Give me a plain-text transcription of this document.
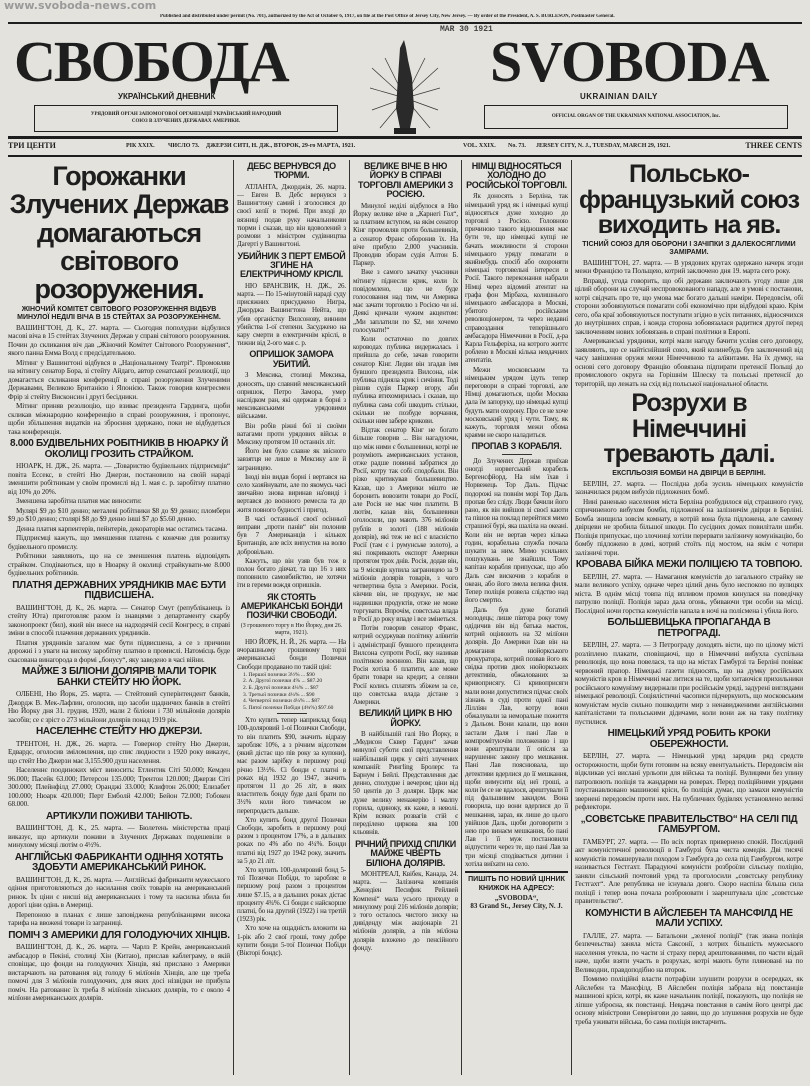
www.svoboda-news.com
Published and distributed under permit (No. 701), authorized by the Act of October 6, 1917, on file at the Post Office of Jersey City, New Jersey. — By order of the President, A. S. BURLESON, Postmaster General.
MAR 30 1921
СВОБОДА	SVOBODA
УКРАЇНСЬКИЙ ДНЕВНИК	UKRAINIAN DAILY
УРЯДОВИЙ ОРГАН ЗАПОМОГОВОЇ ОРГАНІЗАЦІЇ УКРАЇНСЬКИЙ НАРОДНИЙ
СОЮЗ В ЗЛУЧЕНИХ ДЕРЖАВАХ АМЕРИКИ.
OFFICIAL ORGAN OF THE UKRAINIAN NATIONAL ASSOCIATION, Inc.
ТРИ ЦЕНТИ	РІК XXIX. ЧИСЛО 73. ДЖЕРЗИ СИТІ, Н. ДЖ., ВТОРОК, 29-го МАРТА, 1921.	VOL. XXIX. No. 73. JERSEY CITY, N. J., TUESDAY, MARCH 29, 1921.	THREE CENTS
Горожанки Злучених Держав домагаються світового розоружения.
ЖІНОЧИЙ КОМІТЕТ СВІТОВОГО РОЗОРУЖЕННЯ ВІДБУВ МИНУЛОЇ НЕДІЛІ ВІЧА В 15 СТЕЙТАХ ЗА РОЗОРУЖЕННЄМ.

ВАШИНГТОН, Д. К., 27. марта. — Сьогодня пополудни відбулися масові віча в 15 стейтах Злучених Держав у справі світового розоружения. Почин до скликання віч дав „Жіночий Комітет Світового Розоружения“, якого панна Емма Волд є предсідателькою.

Мітинг у Вашингтоні відбувся в „Національному Театрі“. Промовляв на мітингу сенатор Бора, зі стейту Айдаго, автор сенатської резолюції, що домагається скликання конференції в справі розоруження Злученими Державами, Великою Британією і Японією. Також говорив конгресмен Фрір зі стейту Висконсин і другі бесідники.

Мітинг приняв резолюцію, що взиває президента Гардинга, щоби скликав міжнародню конференцію в справі розоружения, і пропонує, щоби збільшення видатків на зброєння здержано, поки не відбудеться така конференція.

8.000 БУДІВЕЛЬНИХ РОБІТНИКІВ В НЮАРКУ Й ОКОЛИЦІ ГРОЗИТЬ СТРАЙКОМ.

НЮАРК, Н. ДЖ., 26. марта. — „Товариство будівельних підприємців“ повіта Ессекс, в стейті Ню Джерзи, постановило на своїй нараді зменшити робітникам у своїм промислі від 1. мая с. р. заробітну платню від 10% до 20%.

Зменшена заробітна платня має виносити:

Мулярі $9 до $10 денно; металеві робітники $8 до $9 денно; пломбери $9 до $10 денно; столярі $8 до $9 денно інші $7 до $5.60 денно.

Денна платня карпентерів, пейнтерів, декораторів має остатись тасама.

Підприємці кажуть, що зменшення платень є конечне для розвитку будівельного промислу.

Робітники заявляють, що на се зменшення платень відповідять страйком. Сподіваються, що в Нюарку й околиці страйкувати-ме 8.000 будівельних робітників.

ПЛАТНЯ ДЕРЖАВНИХ УРЯДНИКІВ МАЄ БУТИ ПІДВИСШЕНА.

ВАШИНГТОН, Д. К., 26. марта. — Сенатор Смут (републіканець із стейту Юта) приготовляє разом із знавцями з департаменту скарбу законопроект (бил), який він внесе на надходячій сесії Конгресу, в справі зміни в способі плачення державних урядників.

Платня урядників загалом має бути підвисшена, а се з причини дорожні і з уваги на високу заробітну платню в промислі. Натомісць буде скасована винагорода в формі „бонусу“, яку заведено в часі війни.

МАЙЖЕ 3 БІЛІОНИ ДОЛЯРІВ МАЛИ ТОРІК БАНКИ СТЕЙТУ НЮ ЙОРК.

ОЛБЕНІ, Ню Йорк, 25. марта. — Стейтовий суперінтендент банків, Джордж В. Мек-Лафлин, оголосив, що засоби щадничих банків в стейті Ню Йорку дня 31. грудня, 1920, мали 2 біліони і 730 мільйонів долярів засобів; се є зріст о 273 мільйони долярів понад 1919 рік.

НАСЕЛЕННЄ СТЕЙТУ НЮ ДЖЕРЗИ.

ТРЕНТОН, Н. ДЖ., 26. марта. — Говернор стейту Ню Джерзи, Едвардс, оголосив зміломлення, що спис людности з 1920 року виказує, що стейт Ню Джерзи має 3,155.900 душ населення.

Населеннє поодиноких міст виносить: Етлентик Сіті 50.000; Кемден 96.000; Пасейк 63.000; Петерсон 135.000; Трентон 120.000; Джерзи Сіті 300.000; Плейнфілд 27.000; Оранджі 33.000; Клифтон 26.000; Елизабет 100.000; Нюарк 420.000; Перт Емболй 42.000; Бейон 72.000; Гобокен 68.000.

АРТИКУЛИ ПОЖИВИ ТАНІЮТЬ.

ВАШИНГТОН, Д. К., 25. марта. — Бюлетень міністерства праці виказує, що артикули поживи в Злучених Державах подешевіли в минулому місяці лютім о 4½%.

АНГЛІЙСЬКІ ФАБРИКАНТИ ОДІННЯ ХОТЯТЬ ЗДОБУТИ АМЕРИКАНСЬКИЙ РИНОК.

ВАШИНГТОН, Д. К., 26. марта. — Англійські фабриканти мужеського одіння приготовляються до насилання своїх товарів на американський ринок. Їх ціни є нисші від американських і тому та насилка збила би дорогі ціни одінь в Америці.

Перепоною в планах є лише заповіджена републіканцями висока тарифа на ввожені товари із заграниці.

ПОМІЧ З АМЕРИКИ ДЛЯ ГОЛОДУЮЧИХ ХІНЦІВ.

ВАШИНГТОН, Д. К., 26. марта. — Чарлз Р. Крейн, американський амбасадор в Пекіні, столиці Хін (Китаю), прислав каблеграму, в якій сповіщає, що фонди на голодуючих Хінців, які прислано з Америки вистарчають на ратовання від голоду 6 мілїонів Хінців, але ще треба помочі для 3 мілїонів голодуючих, для яких досі нізвідки не прибула поміч. На ратованнє їх треба 8 мілїонів хінських долярів, то є около 4 мілїони американських долярів.

ДЕБС ВЕРНУВСЯ ДО ТЮРМИ.

АТЛАНТА, Джорджія, 26. марта. — Евген В. Дебс вернувся з Вашингтону самий і зголосився до своєї келії в тюрмі. При вході до вязниці подав руку начальникови тюрми і сказав, що він вдоволений з розмови з міністром судівництва Дагерті у Вашингтоні.

УБИЙНИК З ПЕРТ ЕМБОЙ ЗГИНЕ НА ЕЛЕКТРИЧНОМУ КРІСЛІ.

НЮ БРАНСВИК, Н. ДЖ., 26. марта. — По 15-мінутовій нараді суду присяжних присуджено Нигра, Джорджа Вашингтона Нейта, що убив органістку Вилсонову, винним убийства 1-ої степени. Засуджено на кару смерти в електричнім кріслі, в тижни від 2-ого мая с. р.

ОПРИШОК ЗАМОРА УБИТИЙ.

З Мексика, столиці Мексика, доносять, що славний мексиканський опришок, Петро Замора, умер наслідком ран, які одержав в борні з мексиканськими урядовими військами.

Він робів ріжні бої зі своїми ватагами проти урядових військ в Мексику протягом 10 останніх літ.

Його імя було славне як звісного завзятця не лише в Мексику але й заграницею.

Іноді він видав борні і вертався на село хазяйнувати, але по якомусь часі звичайно знова виринав на'овиді і вертався до воєнного ремесла та до житя повного будності і пригод.

В часі останньої своєї осінньої виправи „проти панів“ він полонив був 7 Американців і кількох Британців, але всіх випустив на волю добровільно.

Кажуть, що він узяв був теж в полон богато дівчат, та що 16 з них поповнило самовбийство, не хотячи іти в гереми вождя опришків.

ЯК СТОЯТЬ АМЕРИКАНСЬКІ БОНДИ ПОЗИЧКИ СВОБОДИ.
(З грошевого торгу в Ню Йорку, дня 26. марта, 1921).

НЮ ЙОРК, Н. Й., 26. марта. — На вчорашньому грошевому торзі американські бонди Позички Свободи продавано по такій ціні:

1. Першої позички 3½% ... $90
2. А. Другої позички 4% ... $87.20
2. Б. Другої позички 4¼% ... $87
3. Третьої позички 4¼% ... $90
4. Четвертої позички 4¼% ... $87
5. Пятої позички Побіди (4¾%) $97.60

Хто купить тепер наприклад бонд 100-доляровий 1-ої Позички Свободи, то він платить $90, значить відразу заробляє 10%, а з річним відсотком (який дістає що пів року за купони), має разом зарібку в першому році річно 13½%. Сі бонди є платні в роках від 1932 до 1947, значить протягом 11 до 26 літ, в яких властитель бонду буде далі брати по 3½% коли його тимчасом не перепродасть дальше.

Хто купить бонд другої Позички Свободи, заробить в першому році разом з процентом 17%, а в дальших роках по 4% або по 4¼%. Бонди платні від 1927 до 1942 року, значить за 5 до 21 літ.

Хто купить 100-доляровий бонд 5-тої Позички Побіди, то заробляє в першому році разом з процентом лише $7.15, а в дальших роках дістає проценту 4¾%. Сі бонди є найскорше платні, бо на другий (1922) і на третій (1923) рік.

Хто хоче на ощадність вложити на 1-рік або 2 свої гроші, тому добре купити бонди 5-тої Позички Побіди (Вікторі бондс).

ВЕЛИКЕ ВІЧЕ В НЮ ЙОРКУ В СПРАВІ ТОРГОВЛІ АМЕРИКИ З РОСІЄЮ.

Минулої неділі відбулося в Ню Йорку велике віче в „Карнегі Гол“, за платним вступом, на якім сенатор Кінг промовляв проти большевиків, а сенатор Франс оборонив їх. На віче прибуло 2,000 учасників. Проводив зборам судія Алтон Б. Паркер.

Вже з самого зачатку учасники мітингу піднесли крик, коли їх повідомлено, що не буде голосовання над тим, чи Америка має зачати торговлю з Росією чи ні. Деякі кричали чужим акцентом: „Ми заплатили по $2, ми хочемо голосувати!“

Коли остаточно по довгих короводах публика видержалась і прийшла до себе, зачав говорити сенатор Кінг. Ледви він згадав імя бувшого президента Вилсона, ніж публика підняла крик і сичіння. Тоді рішив судія Паркер вгору, аби публика втихомирилась і сказав, що публика сама собі шкодить стільки, скільки не позбуде ворчання, скільки ним забере крикови.

Відтак сенатор Кінг не богато більше говорив ... Він нагадуючи, що між ними є большевики, котрі не розуміють американських установ, отже радше повинні забратися до Росії, котру так собі сподобали. Він різко критикував большевицтво. Казав, що з Америки мішто не боронить вовозити товари до Росії, але Росія не має чим платити. В лютім, казав він, большевики оголосили, що мають 376 мілїонів рублів в золоті (188 мілїонів долярів), які теж не всі є власністю Росії (там є і румунське золото), а які покривають експорт Америки протягом трох днів. Росія, додав він, за 9 місяців купила заграницею за 9 мілїонів долярів товарів, з чого четвертина була з Америки. Росія, кінчив він, не продукує, не має надвишки продуктів, отже не може торгувати. Впрочім, совєтська влада в Росії до року впаде і все змінеться.

Потім говорив сенатор Франс, котрий осуджував політику алїянтів і адміністрації бувшого президента Вилсона супроти Росії, яку називав політикою воєнною. Він казав, що Росія хотіла б платити, але може брати товари на кредит, а селяни Росії колись сплатять збіжем за се, що совєтська влада дістане з Америки.

ВЕЛИКИЙ ЦИРК В НЮ ЙОРКУ.

В найбільшій галі Ню Йорку, в „Медисон Сквер Гарден“ зачав минулої суботи свої представлення найбільший цирк у світі злучених компаній: Рингling Бролерс та Барнум і Бейлі. Представлення дає денно, сполудне і вечером; ціни від 50 центів до 3 доляри. Цирк має дуже велику менажерію і малпу горила, одиноку, як каже, в неволі. Крім всяких розвагів стій є переділено циркова ява 100 кльовнів.

РІЧНИЙ ПРИХІД СПІЛКИ МАЙЖЕ ЧВЕРТЬ БІЛІОНА ДОЛЯРІВ.

МОНТРЕАЛ, Квібек, Канада, 24. марта. — Залізнича компанія „Кенедіен Песифик Рейлвей Компені“ мала усього приходу в минулому році 216 мілїонів долярів; з того осталось чистого зиску на дивіденду між акціонарів 21 мілїонів долярів, а пів мілїона долярів вложено до пенсійного фонду.

НІМЦІ ВІДНОСЯТЬСЯ ХОЛОДНО ДО РОСІЙСЬКОЇ ТОРГОВЛІ.

Як доносять з Берліна, так німецький уряд як і німецькі купці відносяться дуже холодно до торговлі з Росією. Головною причиною такого відношення має бути те, що німецькі купці не бачать можливости зі сторони німецького уряду помагати в якийнебудь спосіб або охороняти німецькі торговельні інтереси в Росії. Такого переконання набрали Німці через відомий атентат на графа фон Мірбаха, колишнього німецького амбасадора в Москві, убитого російським революціонером, та через недавні справоздання теперішнього амбасадора Німеччини в Росії, д-ра Карла Гельферіха, на котрого життє роблено в Москві кілька невдачних атентатів.

Межи московським та німецьким урядом ідуть тепер переговори в справі торговлі, але Німці домагаються, щоби Москва дала їм запоруку, що німецькі купці будуть мати охорону. Про се не хоче московський уряд і чути. Тому, як кажуть, торговля межи обома краями не скоро наладиться.

ПРОПАВ З КОРАБЛЯ.

До Злучених Держав приїхав оногді норвегський корабель Бергенсфйорд. На нім їхав і Норвежець Тор Даль. Підчас подорожі на повнім морі Тор Даль пропав без сліду. Люди бачили його рано, як він вийшов зі своєї каюти та пішов на поклад перейтися мимо страшної бурі, яка шаліла на океані. Коли він не вертав через кілька годин, корабельна служба почала шукати за ним. Мимо усильних пошукувань не знайшли. Тому капітан корабля припускає, що або Даль сам вискочив з корабля в океан, або його змела велика филя. Тепер поліція розвела слідство над його смертю.

Даль був дуже богатий молодець; лише півтора року тому одідичив він від батька маєток, котрий оцінюють на 32 мілїони долярів. До Америки їхав він на домагання нюйоркського прокуратора, котрий позвав його як свідка против двох нюйоркських детективів, обжалованих за кривоприсягу. Сі кривоприсяги мали вони допуститися підчас своїх зізнань в суді проти одної пані Лілліян Лав, котру вони обжалували за неморальне пожиття з Дальом. Вони казали, що вони застали Даля і пані Лав в компромітуючім положенню і що вони арештували її опісля за нарушеннє закону про мешкання. Пані Лав пояснювала, що детективи вдерлися до її мешкання, щоби вимусити від неї гроші, а коли їм се не вдалося, арештували її під фальшивим закидом. Вона говорила, що вони вдерлися до її мешкання, зараз, як лише до цього увійшов Даль, щоби договорити з нею про винаєм мешкання, бо пані Лав і її муж постановили відпустити через те, що пані Лав за три місяці сподівається дитини і хотіла виїхати на село.

ПИШІТЬ ПО НОВИЙ ЦІННИК КНИЖОК НА АДРЕСУ:
„SVOBODA“,
83 Grand St., Jersey City, N. J.
Польсько-французький союз виходить на яв.
ТІСНИЙ СОЮЗ ДЛЯ ОБОРОНИ І ЗАЧІПКИ З ДАЛЕКОСЯГЛИМИ ЗАМІРАМИ.

ВАШИНГТОН, 27. марта. — В урядових кругах одержано начерк згоди межи Францією та Польщею, котрий заключено дня 19. марта сего року.

Вправді, угода говорить, що обі держави заключають угоду лише для цілий оборони на случай неспровокованого нападу, але в умові є постанови, котрі свідчать про те, що умова має богато дальші наміри. Передовсім, обі сторони зобовязуються помагати собі економічно при відбудові краю. Крім сего, оба краї зобовязуються поступати згідно в усіх питаннях, відносячихся до внутрішних справ, і кожда сторона зобовязалася радитися другої перед заключенням нових зобовязань в справі політики в Европі.

Американські урядники, котрі мали нагоду бачити услівя сего договору, заявляють, що се найтіснійший союз, який колинебудь був заключений від часу завішення оружя межи Німеччиною та алїянтами. На їх думку, на основі сего договору Францію обовязана підпирати претенсії Польщі до промислового округа на Горішнім Шлеску та польські претенсії до територій, що лежать на схід від польської національної области.

Розрухи в Німеччині тревають далі.
ЕКСПЛЬОЗІЯ БОМБИ НА ДВІРЦИ В БЕРЛІНІ.

БЕРЛІН, 27. марта. — Послідна доба зусиль німецьких комуністів зазначилася рядом вибухів підложених бомб.

Нині раненько населення міста Берліна розбудилося від страшного гуку, спричиненого вибухом бомби, підложеної на залізничім двірци в Берліні. Бомба знищила зовсім комнату, в котрій вона була підложена, але самому двірцеви не зробила більшої шкоди. По сусідних домах повилітали шиби. Поліція припускає, що злочинці хотіли перервати залізничу комунікацію, бо бомбу підложено в домі, котрий стоїть під мостом, на якім є чотири залізничі тори.

КРОВАВА БІЙКА МЕЖИ ПОЛІЦІЄЮ ТА ТОВПОЮ.

БЕРЛІН, 27. марта. — Намагання комуністів до загального страйку не мали великого успіху, одначе через цілий день було неспокою по вулицях міста. В однім місці товпа під впливом промов кинулася на поведічку патрулю поліції. Поліція зараз дала огонь, убиваючи три особи на місці. Послідної ночи горстка комуністів напала в ночі на полісмена і убила його.

БОЛЬШЕВИЦЬКА ПРОПАГАНДА В ПЕТРОГРАДІ.

БЕРЛІН, 27. марта. — З Петрограду доходять вісти, що по цілому місті розліплено плакати, сповіщаючі, що в Німеччині вибухла суспільна революція, що вона повелася, та що на містах Гамбурзі та Берліні повіває червоний прапор. Німецькі газети підносять, що на думку російських комуністів кров в Німеччині має литися на те, щоби хитаючіся прихильники російського комунізму видержали при російськім уряді, задурені виглядами німецької революції. Соціялістичні часописи підчеркують, що московським комуністам мусів сильно пошкодити мир з ненавидженими англійськими капіталістами та польськими дідичами, коли вони аж на таку політику пустилися.

НІМЕЦЬКИЙ УРЯД РОБИТЬ КРОКИ ОБЕРЕЖНОСТИ.

БЕРЛІН, 27. марта. — Німецький уряд зарядив ряд средств осторожности, щоби бути готовим на всяку евентуальність. Передовсім він відкликав усі вислані урльопи для війська та поліції. Вулицями без упину патролюють поліція та жандарми на роверах. Перед поліційними урядами поустанавлювано машинові кріси, бо поліція думає, що замахи комуністів звернені передовсім проти них. На публичних будівлях установлено великі рефлектори.

„СОВЄТСЬКЕ ПРАВИТЕЛЬСТВО“ НА СЕЛІ ПІД ГАМБУРГОМ.

ГАМБУРГ, 27. марта. — По всіх портах привернено спокій. Послідний акт комуністичної революції в Гамбурзі була чиста комедія. Дві тисячі комуністів помашерували походом з Гамбурга до села під Гамбургом, котре називається Гестгахт. Парадуючі комуністи розброїли сільську поліцію, заняли сільський почтовий уряд та проголосили „совєтську републику Гестгахт“. Але република не існувала довго. Скоро наспіла більша сила поліції і тепер вона почала розброювати і заарештувала цілє „совєтське правительство“.

КОМУНІСТИ В АЙСЛЕБЕН ТА МАНСФІЛД НЕ МАЛИ УСПІХУ.

ГАЛЛЕ, 27. марта. — Батальони „зеленої поліції“ (так звана поліція безпечеьства) заняла міста Саксонії, з котрих більшість мужеського населення утекла, по части зі страху перед арештованнями, по части відай наче, щоби взяти участь в розрухах, котрі мають бути пляновані на по Великодни, правдоподібно на второк.

Помимо поліційні власти потрафіли злушити розрухи в осередках, як Айслебен та Мансфілд. В Айслебен поліція забрала від повстанців машинові кріси, котрі, як каже начальник поліції, показують, що поліція не ліпше узброєна, як повстанці. Невдача повстання в самім його центрі дає основу міністрови Северінгови до заяви, що до злушення розрухів не буде треба уживати війська, бо сама поліція вистарчить.
